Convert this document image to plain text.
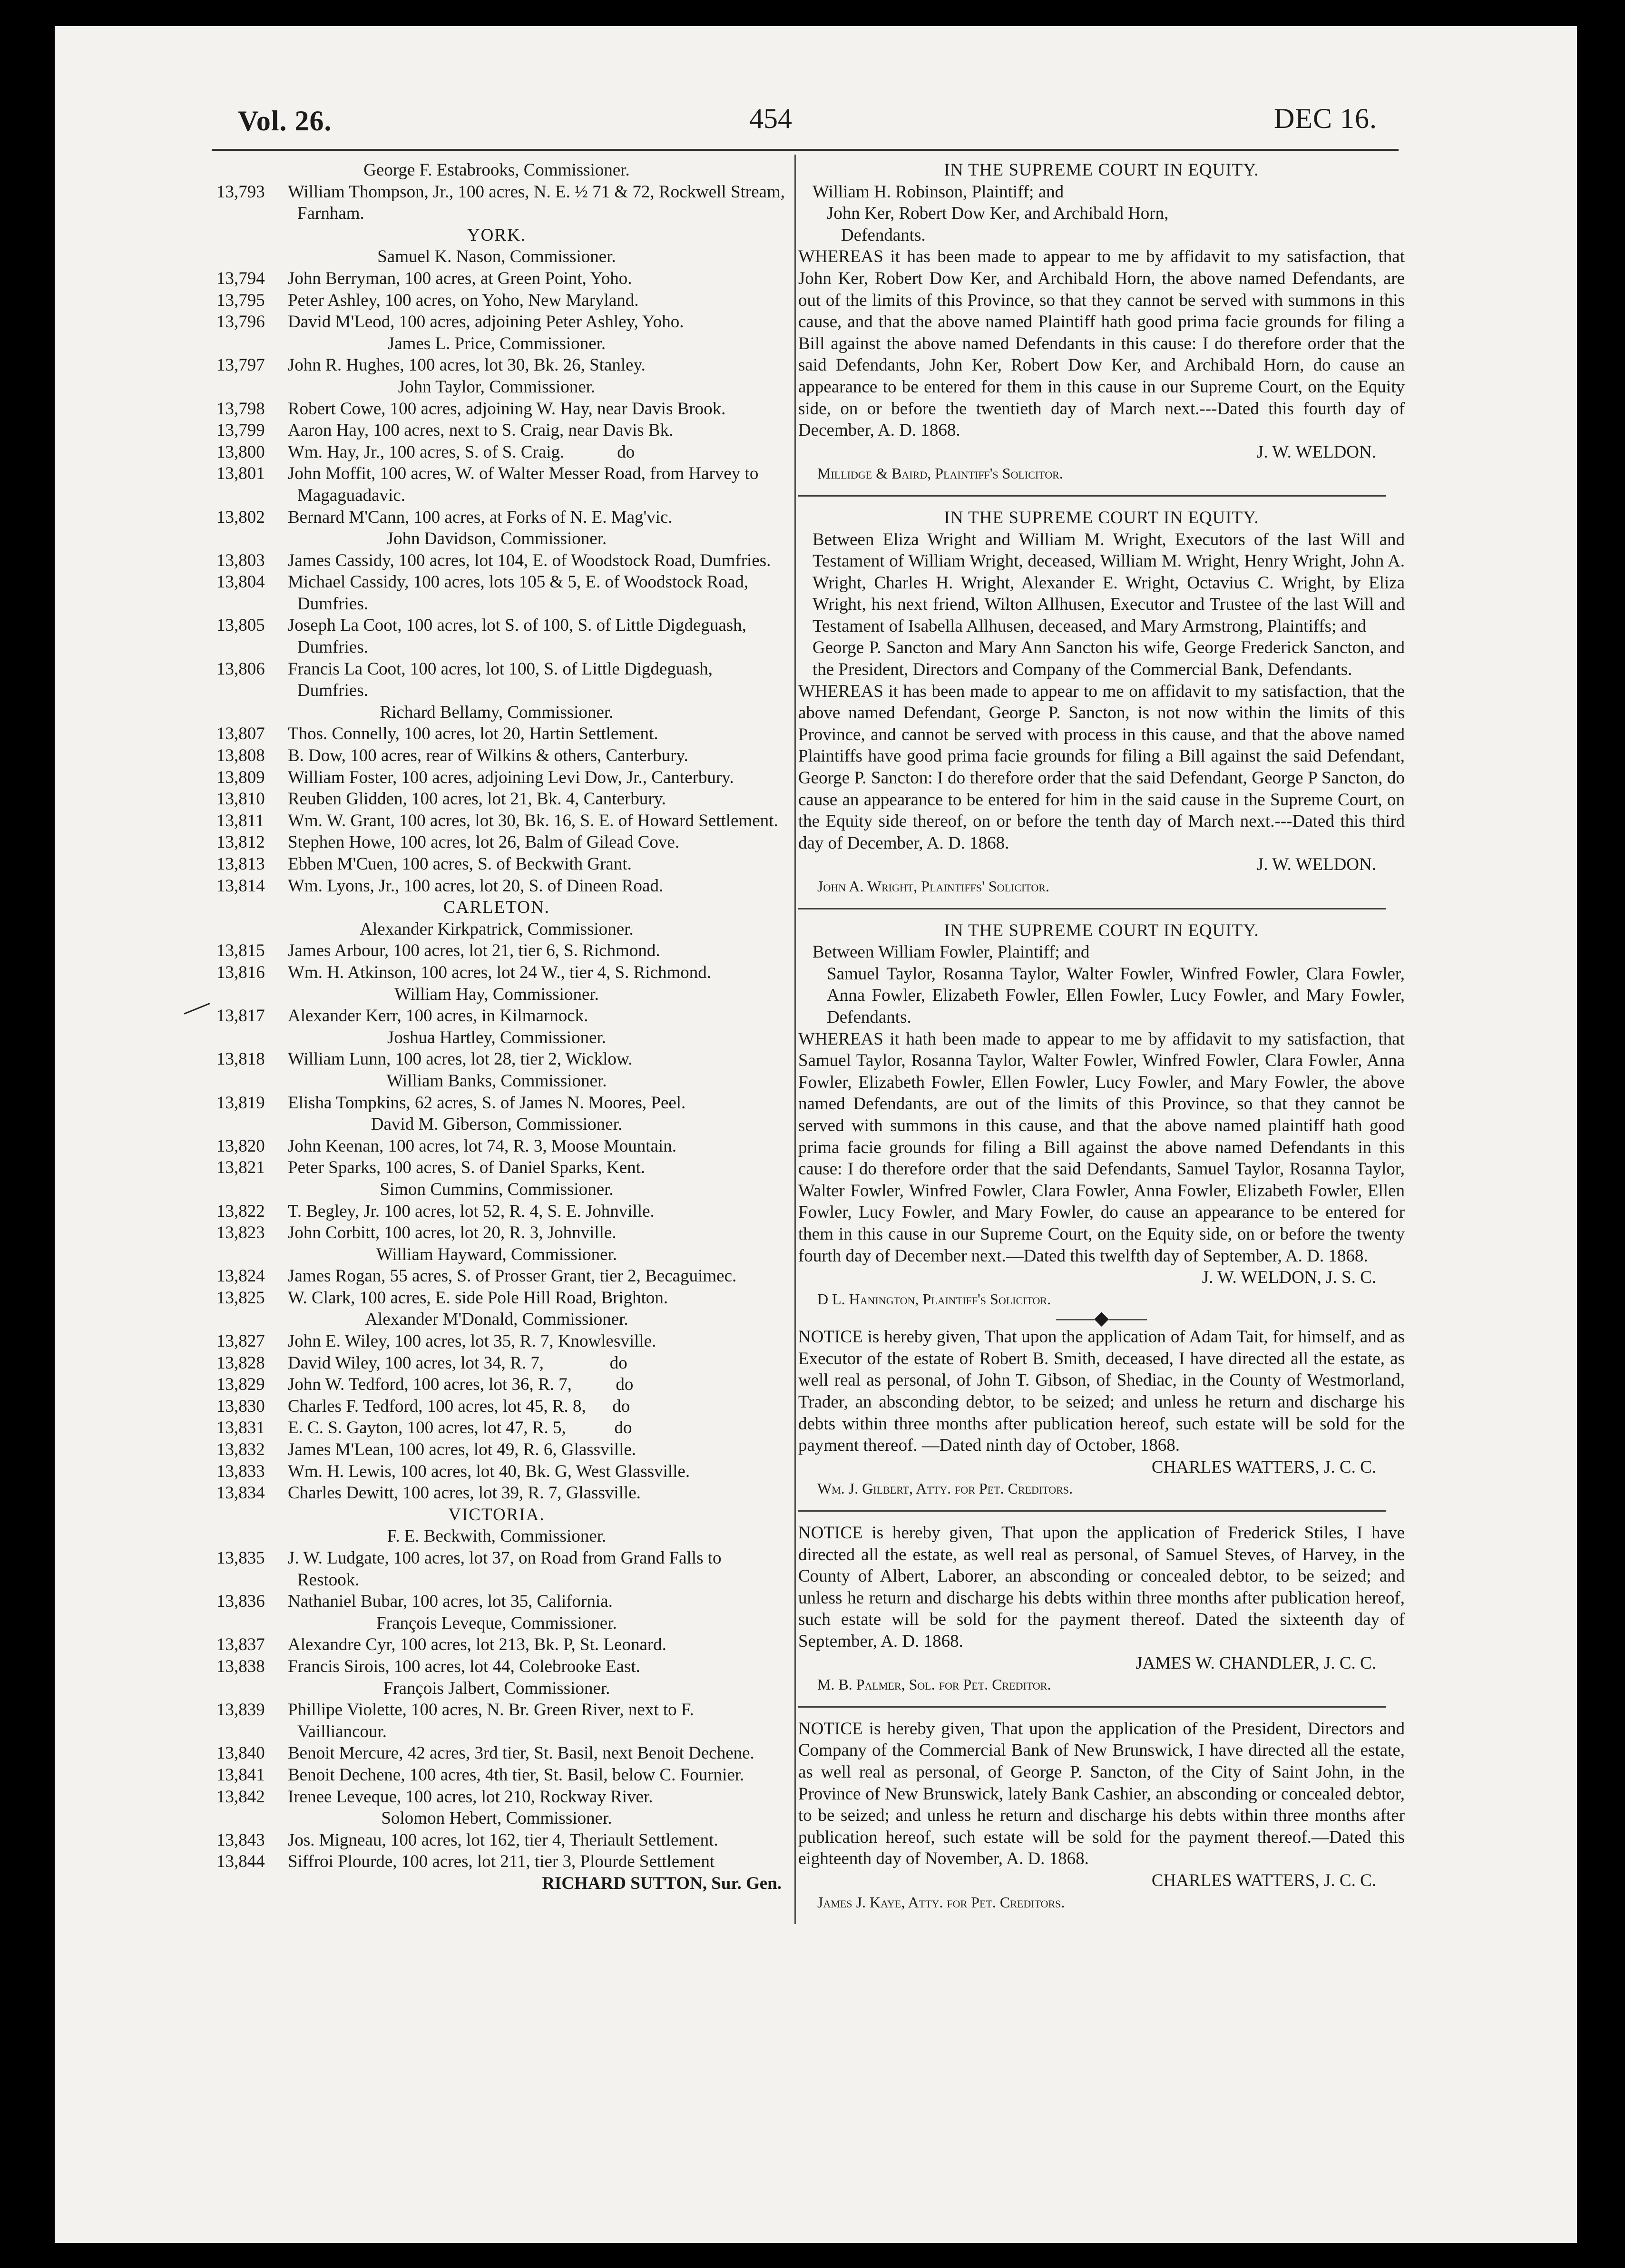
Vol. 26.	454	DEC 16.

George F. Estabrooks, Commissioner.

13,793 William Thompson, Jr., 100 acres, N. E. ½ 71 & 72, Rockwell Stream, Farnham.

YORK.

Samuel K. Nason, Commissioner.

13,794 John Berryman, 100 acres, at Green Point, Yoho.

13,795 Peter Ashley, 100 acres, on Yoho, New Maryland.

13,796 David M'Leod, 100 acres, adjoining Peter Ashley, Yoho.

James L. Price, Commissioner.

13,797 John R. Hughes, 100 acres, lot 30, Bk. 26, Stanley.

John Taylor, Commissioner.

13,798 Robert Cowe, 100 acres, adjoining W. Hay, near Davis Brook.

13,799 Aaron Hay, 100 acres, next to S. Craig, near Davis Bk.

13,800 Wm. Hay, Jr., 100 acres, S. of S. Craig.            do

13,801 John Moffit, 100 acres, W. of Walter Messer Road, from Harvey to Magaguadavic.

13,802 Bernard M'Cann, 100 acres, at Forks of N. E. Mag'vic.

John Davidson, Commissioner.

13,803 James Cassidy, 100 acres, lot 104, E. of Woodstock Road, Dumfries.

13,804 Michael Cassidy, 100 acres, lots 105 & 5, E. of Woodstock Road, Dumfries.

13,805 Joseph La Coot, 100 acres, lot S. of 100, S. of Little Digdeguash, Dumfries.

13,806 Francis La Coot, 100 acres, lot 100, S. of Little Digdeguash, Dumfries.

Richard Bellamy, Commissioner.

13,807 Thos. Connelly, 100 acres, lot 20, Hartin Settlement.

13,808 B. Dow, 100 acres, rear of Wilkins & others, Canterbury.

13,809 William Foster, 100 acres, adjoining Levi Dow, Jr., Canterbury.

13,810 Reuben Glidden, 100 acres, lot 21, Bk. 4, Canterbury.

13,811 Wm. W. Grant, 100 acres, lot 30, Bk. 16, S. E. of Howard Settlement.

13,812 Stephen Howe, 100 acres, lot 26, Balm of Gilead Cove.

13,813 Ebben M'Cuen, 100 acres, S. of Beckwith Grant.

13,814 Wm. Lyons, Jr., 100 acres, lot 20, S. of Dineen Road.

CARLETON.

Alexander Kirkpatrick, Commissioner.

13,815 James Arbour, 100 acres, lot 21, tier 6, S. Richmond.

13,816 Wm. H. Atkinson, 100 acres, lot 24 W., tier 4, S. Richmond.

William Hay, Commissioner.

13,817 Alexander Kerr, 100 acres, in Kilmarnock.

Joshua Hartley, Commissioner.

13,818 William Lunn, 100 acres, lot 28, tier 2, Wicklow.

William Banks, Commissioner.

13,819 Elisha Tompkins, 62 acres, S. of James N. Moores, Peel.

David M. Giberson, Commissioner.

13,820 John Keenan, 100 acres, lot 74, R. 3, Moose Mountain.

13,821 Peter Sparks, 100 acres, S. of Daniel Sparks, Kent.

Simon Cummins, Commissioner.

13,822 T. Begley, Jr. 100 acres, lot 52, R. 4, S. E. Johnville.

13,823 John Corbitt, 100 acres, lot 20, R. 3, Johnville.

William Hayward, Commissioner.

13,824 James Rogan, 55 acres, S. of Prosser Grant, tier 2, Becaguimec.

13,825 W. Clark, 100 acres, E. side Pole Hill Road, Brighton.

Alexander M'Donald, Commissioner.

13,827 John E. Wiley, 100 acres, lot 35, R. 7, Knowlesville.

13,828 David Wiley, 100 acres, lot 34, R. 7,               do

13,829 John W. Tedford, 100 acres, lot 36, R. 7,          do

13,830 Charles F. Tedford, 100 acres, lot 45, R. 8,      do

13,831 E. C. S. Gayton, 100 acres, lot 47, R. 5,           do

13,832 James M'Lean, 100 acres, lot 49, R. 6, Glassville.

13,833 Wm. H. Lewis, 100 acres, lot 40, Bk. G, West Glassville.

13,834 Charles Dewitt, 100 acres, lot 39, R. 7, Glassville.

VICTORIA.

F. E. Beckwith, Commissioner.

13,835 J. W. Ludgate, 100 acres, lot 37, on Road from Grand Falls to Restook.

13,836 Nathaniel Bubar, 100 acres, lot 35, California.

François Leveque, Commissioner.

13,837 Alexandre Cyr, 100 acres, lot 213, Bk. P, St. Leonard.

13,838 Francis Sirois, 100 acres, lot 44, Colebrooke East.

François Jalbert, Commissioner.

13,839 Phillipe Violette, 100 acres, N. Br. Green River, next to F. Vailliancour.

13,840 Benoit Mercure, 42 acres, 3rd tier, St. Basil, next Benoit Dechene.

13,841 Benoit Dechene, 100 acres, 4th tier, St. Basil, below C. Fournier.

13,842 Irenee Leveque, 100 acres, lot 210, Rockway River.

Solomon Hebert, Commissioner.

13,843 Jos. Migneau, 100 acres, lot 162, tier 4, Theriault Settlement.

13,844 Siffroi Plourde, 100 acres, lot 211, tier 3, Plourde Settlement

RICHARD SUTTON, Sur. Gen.

IN THE SUPREME COURT IN EQUITY.

William H. Robinson, Plaintiff; and

John Ker, Robert Dow Ker, and Archibald Horn,

Defendants.

WHEREAS it has been made to appear to me by affidavit to my satisfaction, that John Ker, Robert Dow Ker, and Archibald Horn, the above named Defendants, are out of the limits of this Province, so that they cannot be served with summons in this cause, and that the above named Plaintiff hath good prima facie grounds for filing a Bill against the above named Defendants in this cause: I do therefore order that the said Defendants, John Ker, Robert Dow Ker, and Archibald Horn, do cause an appearance to be entered for them in this cause in our Supreme Court, on the Equity side, on or before the twentieth day of March next.---Dated this fourth day of December, A. D. 1868.

J. W. WELDON.

Millidge & Baird, Plaintiff's Solicitor.

IN THE SUPREME COURT IN EQUITY.

Between Eliza Wright and William M. Wright, Executors of the last Will and Testament of William Wright, deceased, William M. Wright, Henry Wright, John A. Wright, Charles H. Wright, Alexander E. Wright, Octavius C. Wright, by Eliza Wright, his next friend, Wilton Allhusen, Executor and Trustee of the last Will and Testament of Isabella Allhusen, deceased, and Mary Armstrong, Plaintiffs; and

George P. Sancton and Mary Ann Sancton his wife, George Frederick Sancton, and the President, Directors and Company of the Commercial Bank, Defendants.

WHEREAS it has been made to appear to me on affidavit to my satisfaction, that the above named Defendant, George P. Sancton, is not now within the limits of this Province, and cannot be served with process in this cause, and that the above named Plaintiffs have good prima facie grounds for filing a Bill against the said Defendant, George P. Sancton: I do therefore order that the said Defendant, George P Sancton, do cause an appearance to be entered for him in the said cause in the Supreme Court, on the Equity side thereof, on or before the tenth day of March next.---Dated this third day of December, A. D. 1868.

J. W. WELDON.

John A. Wright, Plaintiffs' Solicitor.

IN THE SUPREME COURT IN EQUITY.

Between William Fowler, Plaintiff; and

Samuel Taylor, Rosanna Taylor, Walter Fowler, Winfred Fowler, Clara Fowler, Anna Fowler, Elizabeth Fowler, Ellen Fowler, Lucy Fowler, and Mary Fowler, Defendants.

WHEREAS it hath been made to appear to me by affidavit to my satisfaction, that Samuel Taylor, Rosanna Taylor, Walter Fowler, Winfred Fowler, Clara Fowler, Anna Fowler, Elizabeth Fowler, Ellen Fowler, Lucy Fowler, and Mary Fowler, the above named Defendants, are out of the limits of this Province, so that they cannot be served with summons in this cause, and that the above named plaintiff hath good prima facie grounds for filing a Bill against the above named Defendants in this cause: I do therefore order that the said Defendants, Samuel Taylor, Rosanna Taylor, Walter Fowler, Winfred Fowler, Clara Fowler, Anna Fowler, Elizabeth Fowler, Ellen Fowler, Lucy Fowler, and Mary Fowler, do cause an appearance to be entered for them in this cause in our Supreme Court, on the Equity side, on or before the twenty fourth day of December next.—Dated this twelfth day of September, A. D. 1868.

J. W. WELDON, J. S. C.

D L. Hanington, Plaintiff's Solicitor.

——◆——

NOTICE is hereby given, That upon the application of Adam Tait, for himself, and as Executor of the estate of Robert B. Smith, deceased, I have directed all the estate, as well real as personal, of John T. Gibson, of Shediac, in the County of Westmorland, Trader, an absconding debtor, to be seized; and unless he return and discharge his debts within three months after publication hereof, such estate will be sold for the payment thereof. —Dated ninth day of October, 1868.

CHARLES WATTERS, J. C. C.

Wm. J. Gilbert, Atty. for Pet. Creditors.

NOTICE is hereby given, That upon the application of Frederick Stiles, I have directed all the estate, as well real as personal, of Samuel Steves, of Harvey, in the County of Albert, Laborer, an absconding or concealed debtor, to be seized; and unless he return and discharge his debts within three months after publication hereof, such estate will be sold for the payment thereof. Dated the sixteenth day of September, A. D. 1868.

JAMES W. CHANDLER, J. C. C.

M. B. Palmer, Sol. for Pet. Creditor.

NOTICE is hereby given, That upon the application of the President, Directors and Company of the Commercial Bank of New Brunswick, I have directed all the estate, as well real as personal, of George P. Sancton, of the City of Saint John, in the Province of New Brunswick, lately Bank Cashier, an absconding or concealed debtor, to be seized; and unless he return and discharge his debts within three months after publication hereof, such estate will be sold for the payment thereof.—Dated this eighteenth day of November, A. D. 1868.

CHARLES WATTERS, J. C. C.

James J. Kaye, Atty. for Pet. Creditors.
